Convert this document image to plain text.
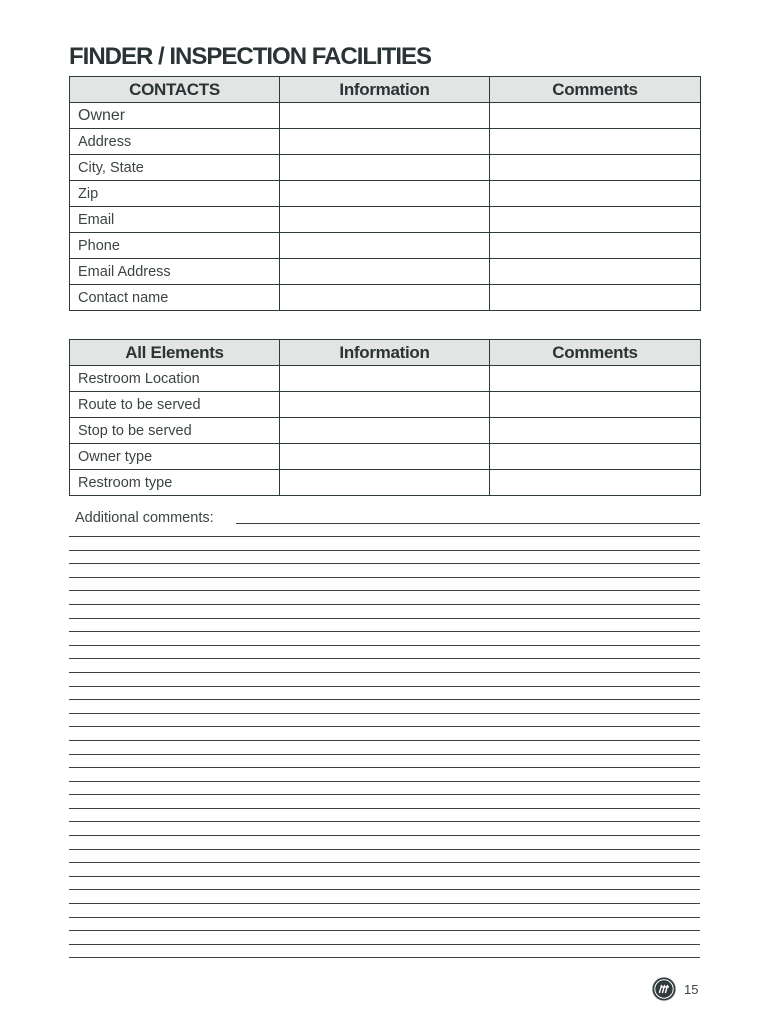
FINDER / INSPECTION FACILITIES
CONTACTS	Information	Comments
Owner		
Address		
City, State		
Zip		
Email		
Phone		
Email Address		
Contact name		
All Elements	Information	Comments
Restroom Location		
Route to be served		
Stop to be served		
Owner type		
Restroom type		
Additional comments:
15
